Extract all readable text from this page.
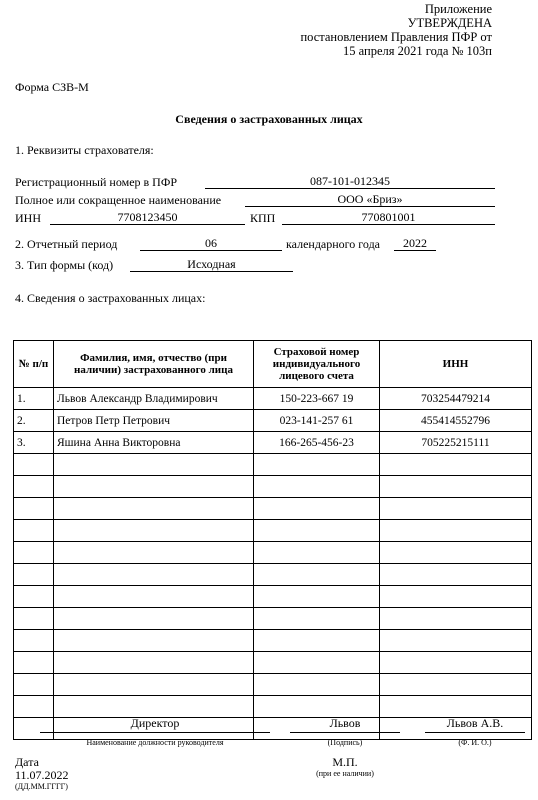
Приложение
УТВЕРЖДЕНА
постановлением Правления ПФР от
15 апреля 2021 года № 103п
Форма СЗВ-М
Сведения о застрахованных лицах
1. Реквизиты страхователя:
Регистрационный номер в ПФР	087-101-012345
Полное или сокращенное наименование	ООО «Бриз»
ИНН	7708123450	КПП	770801001
2. Отчетный период	06	календарного года	2022
3. Тип формы (код)	Исходная
4. Сведения о застрахованных лицах:
№ п/п	Фамилия, имя, отчество (при наличии) застрахованного лица	Страховой номер индивидуального лицевого счета	ИНН
1.	Львов Александр Владимирович	150-223-667 19	703254479214
2.	Петров Петр Петрович	023-141-257 61	455414552796
3.	Яшина Анна Викторовна	166-265-456-23	705225215111

Директор
Наименование должности руководителя
Львов
(Подпись)
Львов А.В.
(Ф. И. О.)
Дата
11.07.2022
(ДД.ММ.ГГГГ)
М.П.
(при ее наличии)
